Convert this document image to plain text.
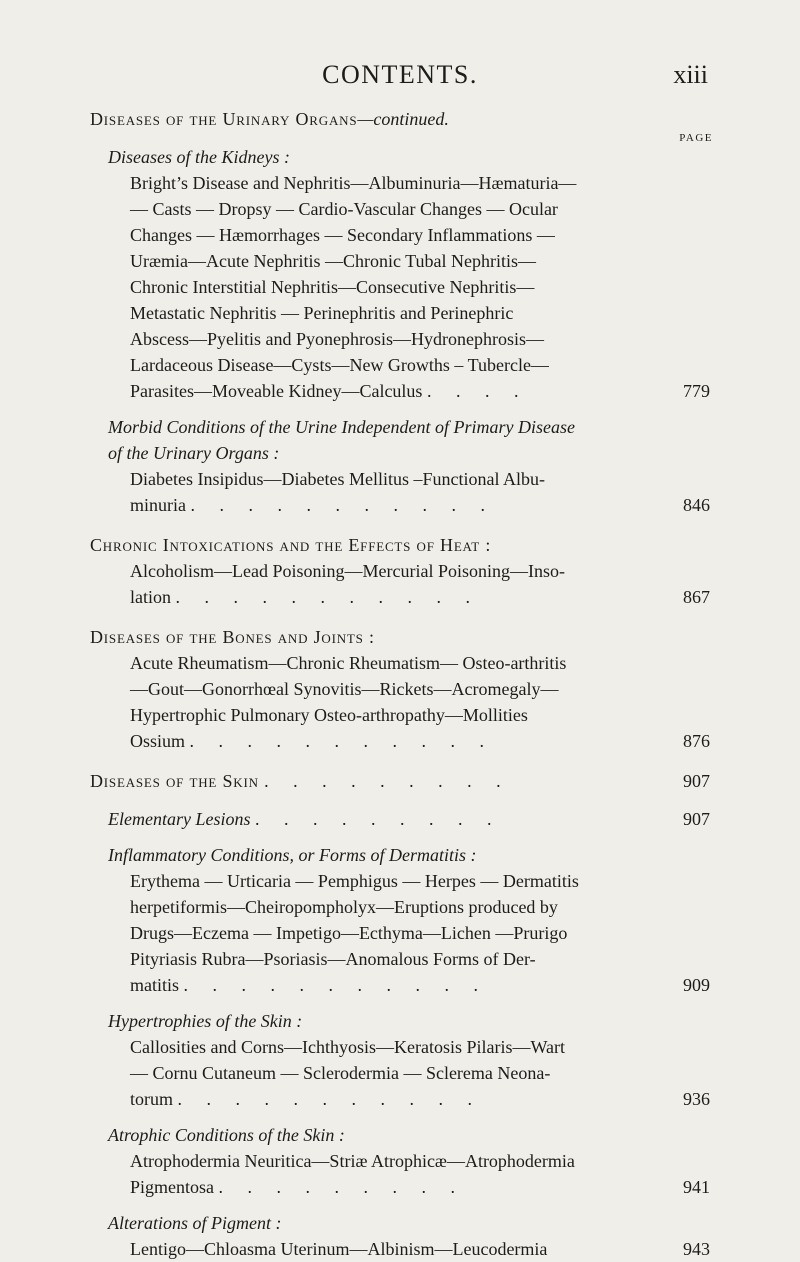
CONTENTS.	xiii
PAGE
Diseases of the Urinary Organs—continued.
Diseases of the Kidneys :
Bright’s Disease and Nephritis—Albuminuria—Hæmaturia—
— Casts — Dropsy — Cardio-Vascular Changes — Ocular
Changes — Hæmorrhages — Secondary Inflammations —
Uræmia—Acute Nephritis —Chronic Tubal Nephritis—
Chronic Interstitial Nephritis—Consecutive Nephritis—
Metastatic Nephritis — Perinephritis and Perinephric
Abscess—Pyelitis and Pyonephrosis—Hydronephrosis—
Lardaceous Disease—Cysts—New Growths – Tubercle—
Parasites—Moveable Kidney—Calculus . . . .	779
Morbid Conditions of the Urine Independent of Primary Disease
of the Urinary Organs :
Diabetes Insipidus—Diabetes Mellitus –Functional Albu-
minuria . . . . . . . . . . .	846
Chronic Intoxications and the Effects of Heat :
Alcoholism—Lead Poisoning—Mercurial Poisoning—Inso-
lation . . . . . . . . . . .	867
Diseases of the Bones and Joints :
Acute Rheumatism—Chronic Rheumatism— Osteo-arthritis
—Gout—Gonorrhœal Synovitis—Rickets—Acromegaly—
Hypertrophic Pulmonary Osteo-arthropathy—Mollities
Ossium . . . . . . . . . . .	876
Diseases of the Skin . . . . . . . . .	907
Elementary Lesions . . . . . . . . .	907
Inflammatory Conditions, or Forms of Dermatitis :
Erythema — Urticaria — Pemphigus — Herpes — Dermatitis
herpetiformis—Cheiropompholyx—Eruptions produced by
Drugs—Eczema — Impetigo—Ecthyma—Lichen —Prurigo
Pityriasis Rubra—Psoriasis—Anomalous Forms of Der-
matitis . . . . . . . . . . .	909
Hypertrophies of the Skin :
Callosities and Corns—Ichthyosis—Keratosis Pilaris—Wart
— Cornu Cutaneum — Sclerodermia — Sclerema Neona-
torum . . . . . . . . . . .	936
Atrophic Conditions of the Skin :
Atrophodermia Neuritica—Striæ Atrophicæ—Atrophodermia
Pigmentosa . . . . . . . . .	941
Alterations of Pigment :
Lentigo—Chloasma Uterinum—Albinism—Leucodermia	943
